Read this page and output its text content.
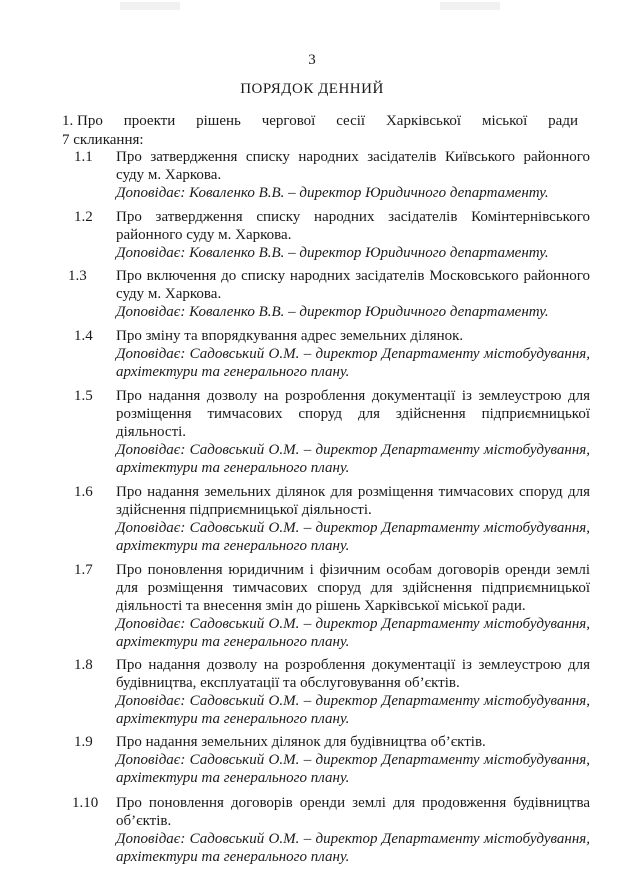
3
ПОРЯДОК ДЕННИЙ
1. Про проекти рішень чергової сесії Харківської міської ради
7 скликання:
1.1 Про затвердження списку народних засідателів Київського районного суду м. Харкова.
Доповідає: Коваленко В.В. – директор Юридичного департаменту.
1.2 Про затвердження списку народних засідателів Комінтернівського районного суду м. Харкова.
Доповідає: Коваленко В.В. – директор Юридичного департаменту.
1.3 Про включення до списку народних засідателів Московського районного суду м. Харкова.
Доповідає: Коваленко В.В. – директор Юридичного департаменту.
1.4 Про зміну та впорядкування адрес земельних ділянок.
Доповідає: Садовський О.М. – директор Департаменту містобудування, архітектури та генерального плану.
1.5 Про надання дозволу на розроблення документації із землеустрою для розміщення тимчасових споруд для здійснення підприємницької діяльності.
Доповідає: Садовський О.М. – директор Департаменту містобудування, архітектури та генерального плану.
1.6 Про надання земельних ділянок для розміщення тимчасових споруд для здійснення підприємницької діяльності.
Доповідає: Садовський О.М. – директор Департаменту містобудування, архітектури та генерального плану.
1.7 Про поновлення юридичним і фізичним особам договорів оренди землі для розміщення тимчасових споруд для здійснення підприємницької діяльності та внесення змін до рішень Харківської міської ради.
Доповідає: Садовський О.М. – директор Департаменту містобудування, архітектури та генерального плану.
1.8 Про надання дозволу на розроблення документації із землеустрою для будівництва, експлуатації та обслуговування об’єктів.
Доповідає: Садовський О.М. – директор Департаменту містобудування, архітектури та генерального плану.
1.9 Про надання земельних ділянок для будівництва об’єктів.
Доповідає: Садовський О.М. – директор Департаменту містобудування, архітектури та генерального плану.
1.10 Про поновлення договорів оренди землі для продовження будівництва об’єктів.
Доповідає: Садовський О.М. – директор Департаменту містобудування, архітектури та генерального плану.
